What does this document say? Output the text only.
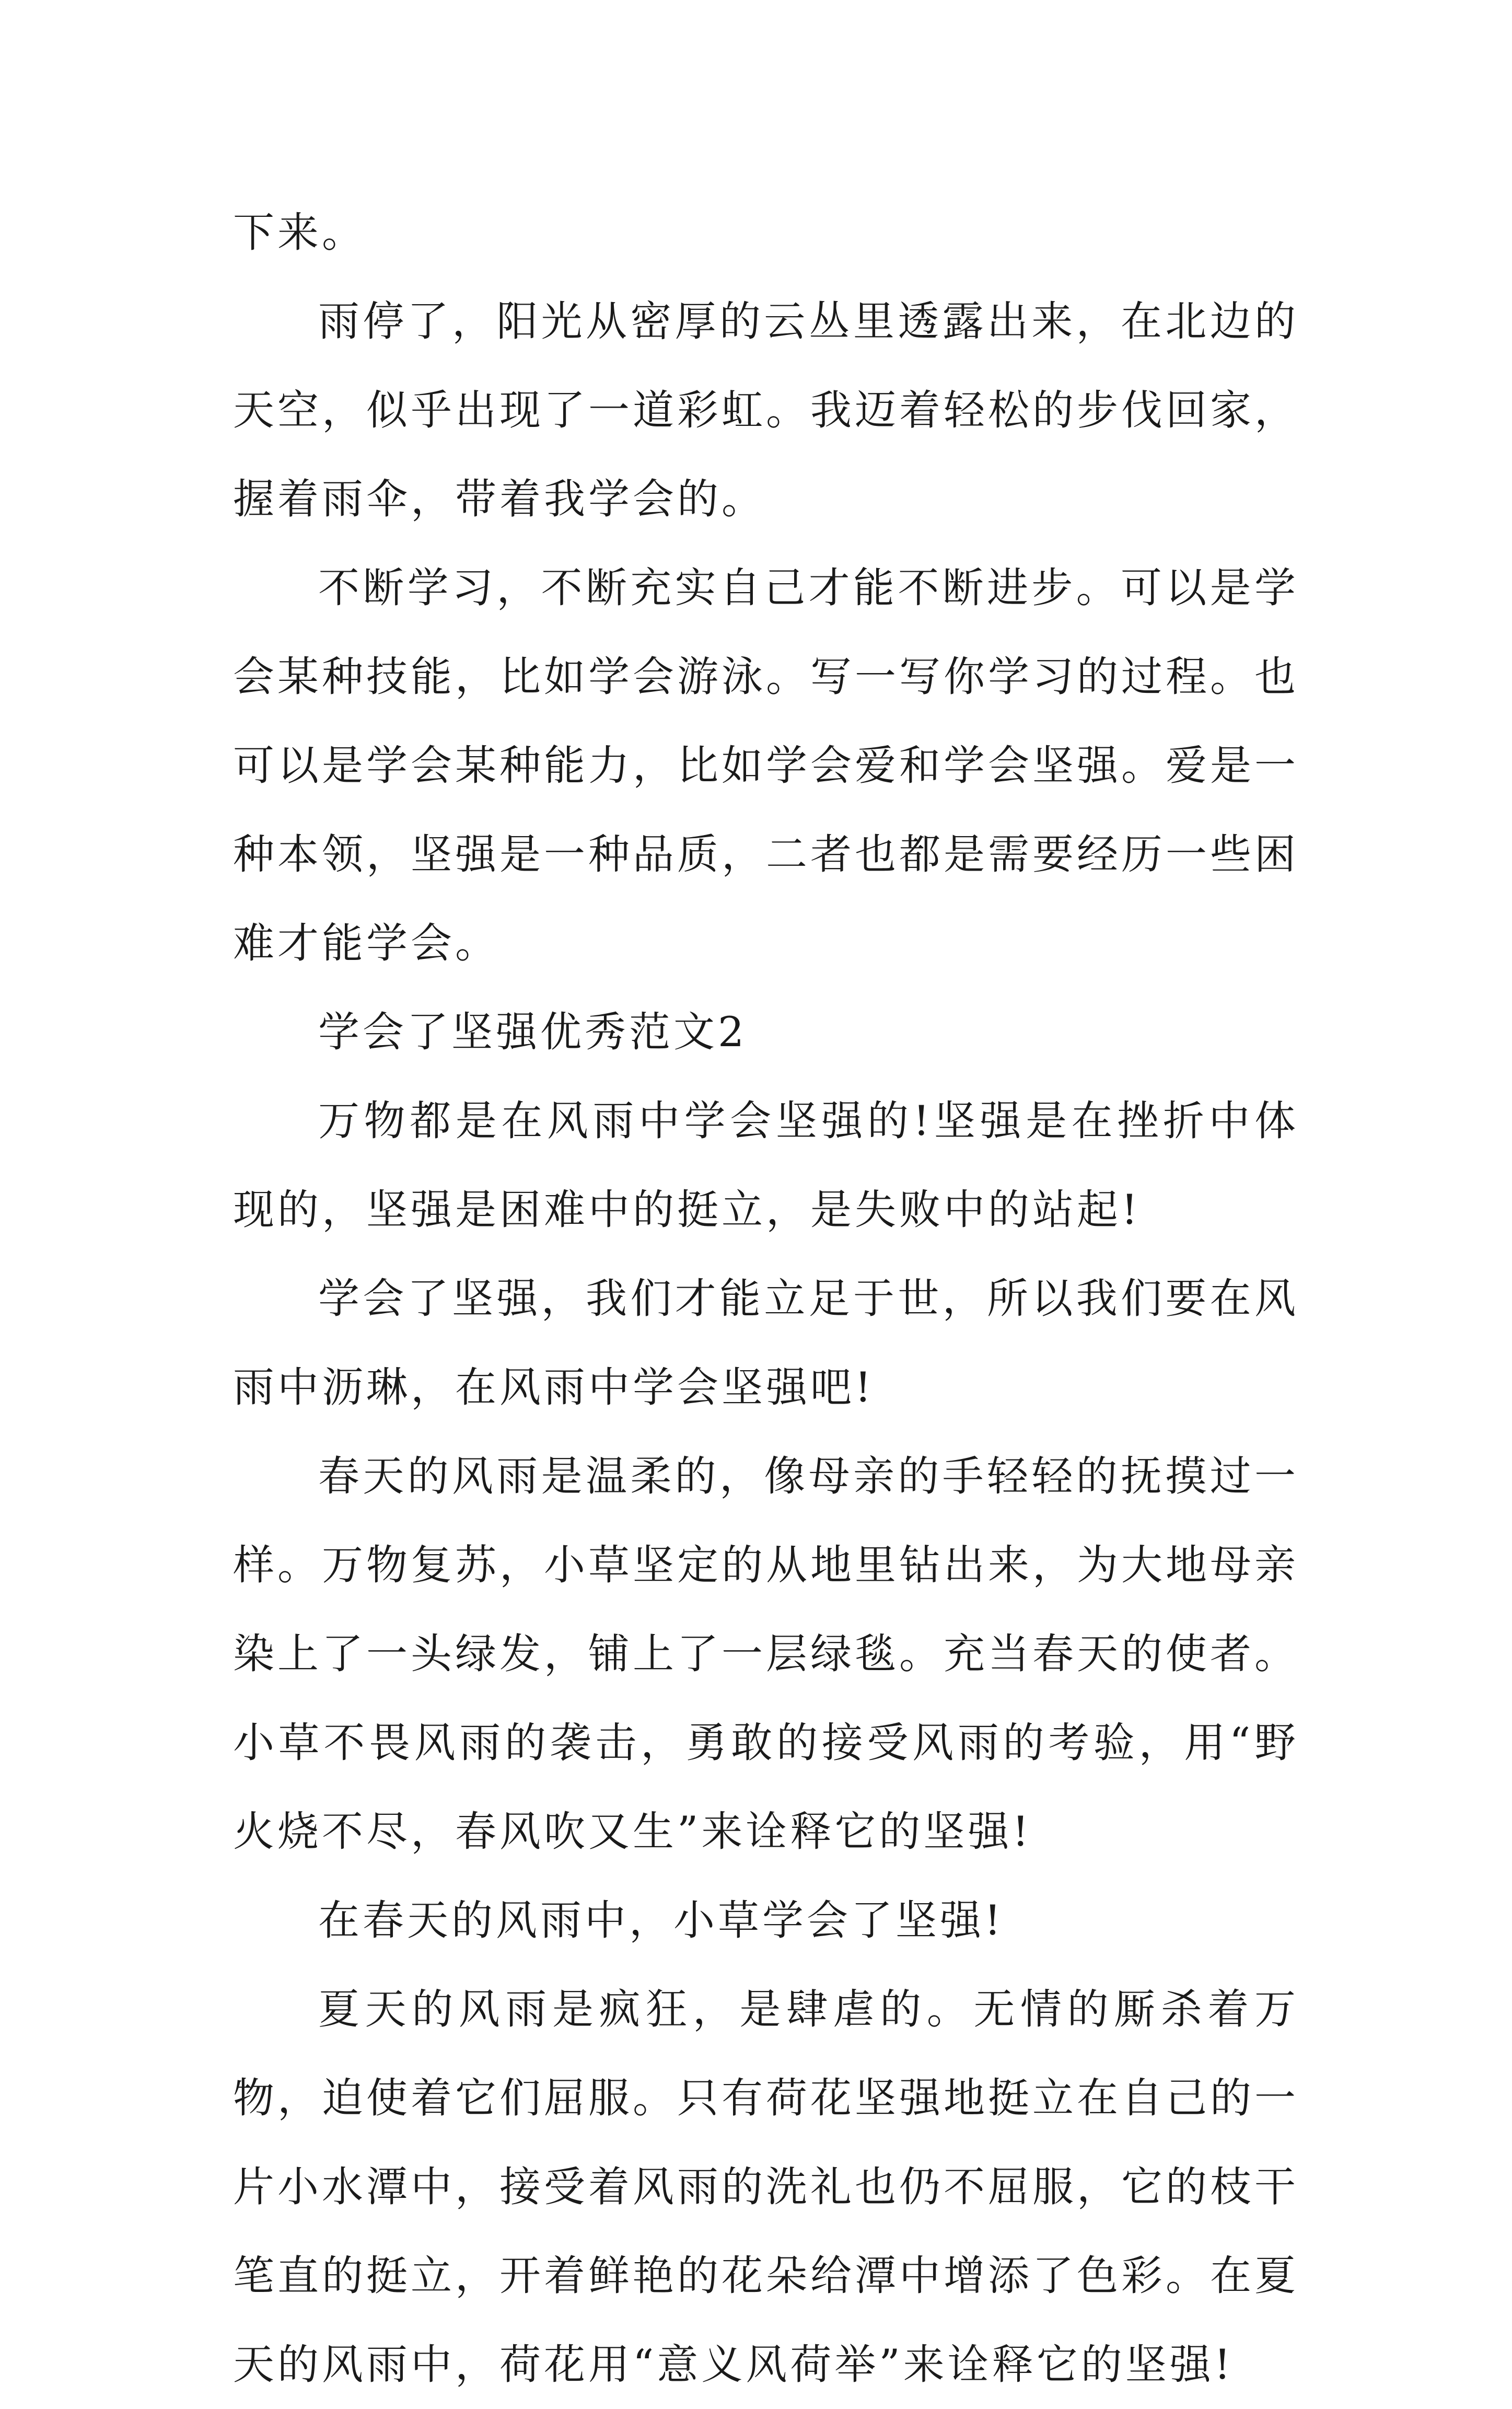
下来。

雨停了，阳光从密厚的云丛里透露出来，在北边的天空，似乎出现了一道彩虹。我迈着轻松的步伐回家，握着雨伞，带着我学会的。

不断学习，不断充实自己才能不断进步。可以是学会某种技能，比如学会游泳。写一写你学习的过程。也可以是学会某种能力，比如学会爱和学会坚强。爱是一种本领，坚强是一种品质，二者也都是需要经历一些困难才能学会。

学会了坚强优秀范文2

万物都是在风雨中学会坚强的!坚强是在挫折中体现的，坚强是困难中的挺立，是失败中的站起!

学会了坚强，我们才能立足于世，所以我们要在风雨中沥琳，在风雨中学会坚强吧!

春天的风雨是温柔的，像母亲的手轻轻的抚摸过一样。万物复苏，小草坚定的从地里钻出来，为大地母亲染上了一头绿发，铺上了一层绿毯。充当春天的使者。小草不畏风雨的袭击，勇敢的接受风雨的考验，用“野火烧不尽，春风吹又生”来诠释它的坚强!

在春天的风雨中，小草学会了坚强!

夏天的风雨是疯狂，是肆虐的。无情的厮杀着万物，迫使着它们屈服。只有荷花坚强地挺立在自己的一片小水潭中，接受着风雨的洗礼也仍不屈服，它的枝干笔直的挺立，开着鲜艳的花朵给潭中增添了色彩。在夏天的风雨中，荷花用“意义风荷举”来诠释它的坚强!
